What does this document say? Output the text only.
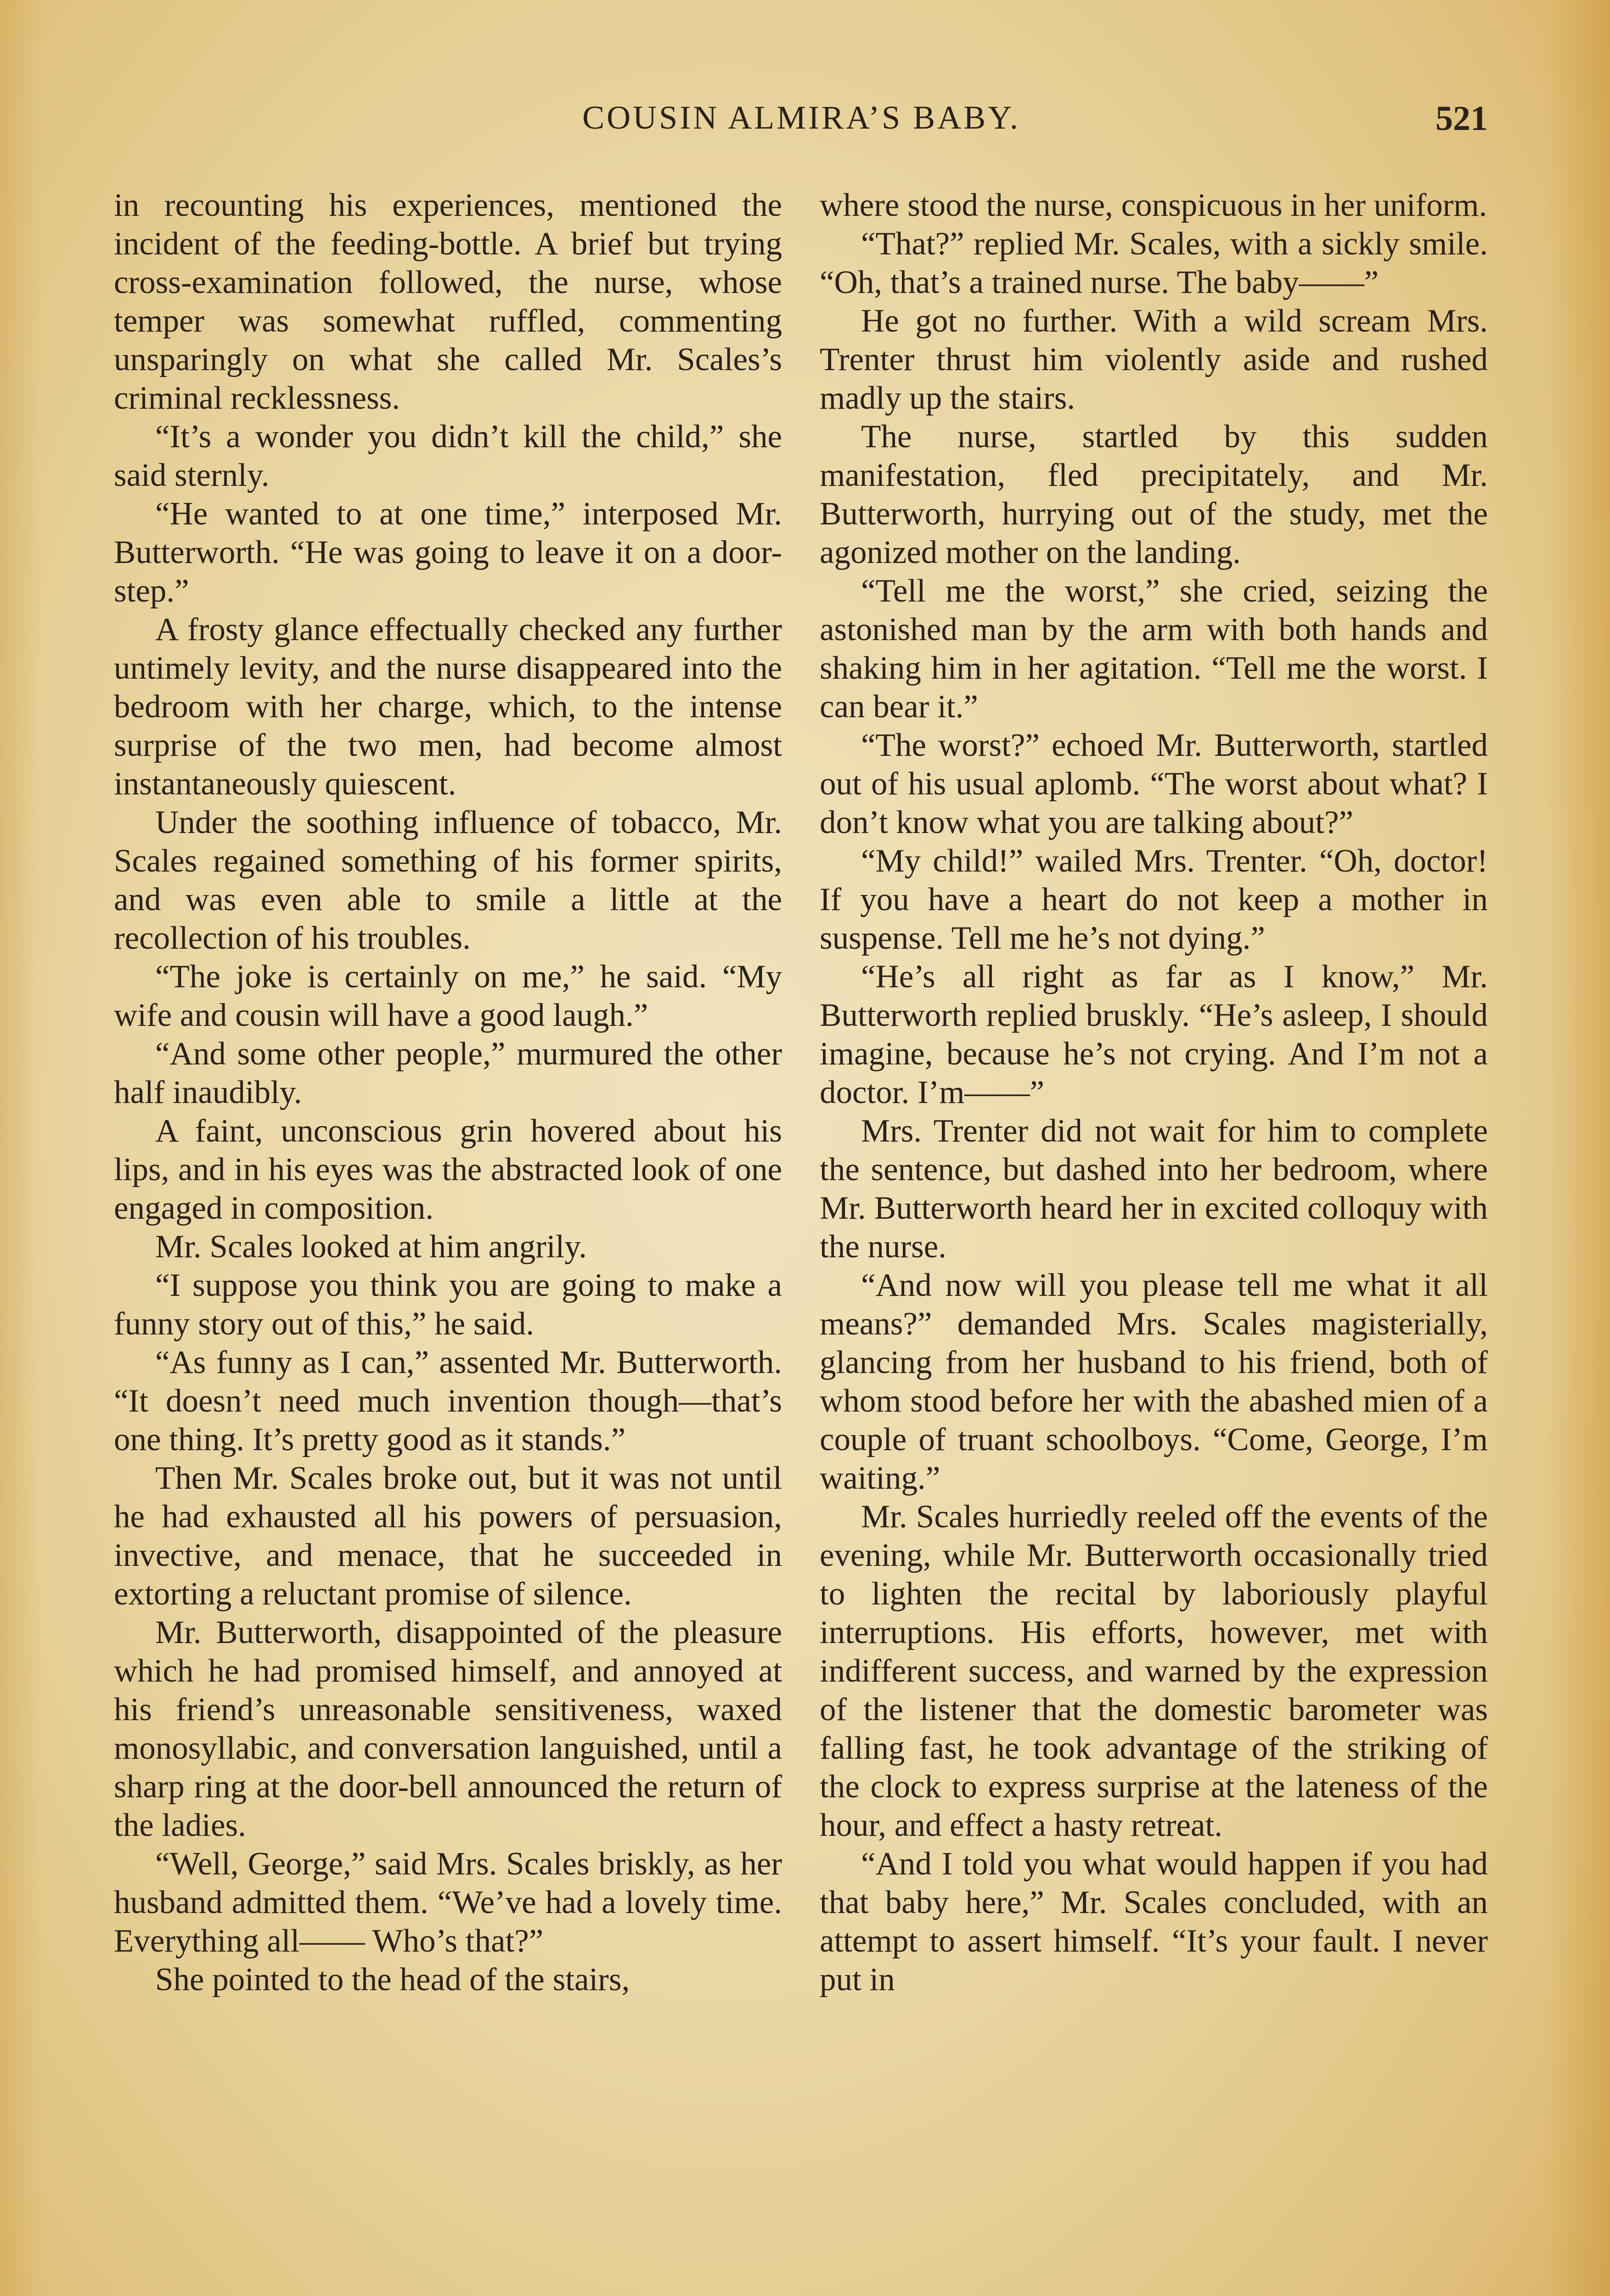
COUSIN ALMIRA’S BABY.	521

in recounting his experiences, mentioned the incident of the feeding-bottle. A brief but trying cross-examination followed, the nurse, whose temper was somewhat ruffled, commenting unsparingly on what she called Mr. Scales’s criminal recklessness.

“It’s a wonder you didn’t kill the child,” she said sternly.

“He wanted to at one time,” interposed Mr. Butterworth. “He was going to leave it on a door-step.”

A frosty glance effectually checked any further untimely levity, and the nurse disappeared into the bedroom with her charge, which, to the intense surprise of the two men, had become almost instantaneously quiescent.

Under the soothing influence of tobacco, Mr. Scales regained something of his former spirits, and was even able to smile a little at the recollection of his troubles.

“The joke is certainly on me,” he said. “My wife and cousin will have a good laugh.”

“And some other people,” murmured the other half inaudibly.

A faint, unconscious grin hovered about his lips, and in his eyes was the abstracted look of one engaged in composition.

Mr. Scales looked at him angrily.

“I suppose you think you are going to make a funny story out of this,” he said.

“As funny as I can,” assented Mr. Butterworth. “It doesn’t need much invention though—that’s one thing. It’s pretty good as it stands.”

Then Mr. Scales broke out, but it was not until he had exhausted all his powers of persuasion, invective, and menace, that he succeeded in extorting a reluctant promise of silence.

Mr. Butterworth, disappointed of the pleasure which he had promised himself, and annoyed at his friend’s unreasonable sensitiveness, waxed monosyllabic, and conversation languished, until a sharp ring at the door-bell announced the return of the ladies.

“Well, George,” said Mrs. Scales briskly, as her husband admitted them. “We’ve had a lovely time. Everything all—— Who’s that?”

She pointed to the head of the stairs,

where stood the nurse, conspicuous in her uniform.

“That?” replied Mr. Scales, with a sickly smile. “Oh, that’s a trained nurse. The baby——”

He got no further. With a wild scream Mrs. Trenter thrust him violently aside and rushed madly up the stairs.

The nurse, startled by this sudden manifestation, fled precipitately, and Mr. Butterworth, hurrying out of the study, met the agonized mother on the landing.

“Tell me the worst,” she cried, seizing the astonished man by the arm with both hands and shaking him in her agitation. “Tell me the worst. I can bear it.”

“The worst?” echoed Mr. Butterworth, startled out of his usual aplomb. “The worst about what? I don’t know what you are talking about?”

“My child!” wailed Mrs. Trenter. “Oh, doctor! If you have a heart do not keep a mother in suspense. Tell me he’s not dying.”

“He’s all right as far as I know,” Mr. Butterworth replied bruskly. “He’s asleep, I should imagine, because he’s not crying. And I’m not a doctor. I’m——”

Mrs. Trenter did not wait for him to complete the sentence, but dashed into her bedroom, where Mr. Butterworth heard her in excited colloquy with the nurse.

“And now will you please tell me what it all means?” demanded Mrs. Scales magisterially, glancing from her husband to his friend, both of whom stood before her with the abashed mien of a couple of truant schoolboys. “Come, George, I’m waiting.”

Mr. Scales hurriedly reeled off the events of the evening, while Mr. Butterworth occasionally tried to lighten the recital by laboriously playful interruptions. His efforts, however, met with indifferent success, and warned by the expression of the listener that the domestic barometer was falling fast, he took advantage of the striking of the clock to express surprise at the lateness of the hour, and effect a hasty retreat.

“And I told you what would happen if you had that baby here,” Mr. Scales concluded, with an attempt to assert himself. “It’s your fault. I never put in
